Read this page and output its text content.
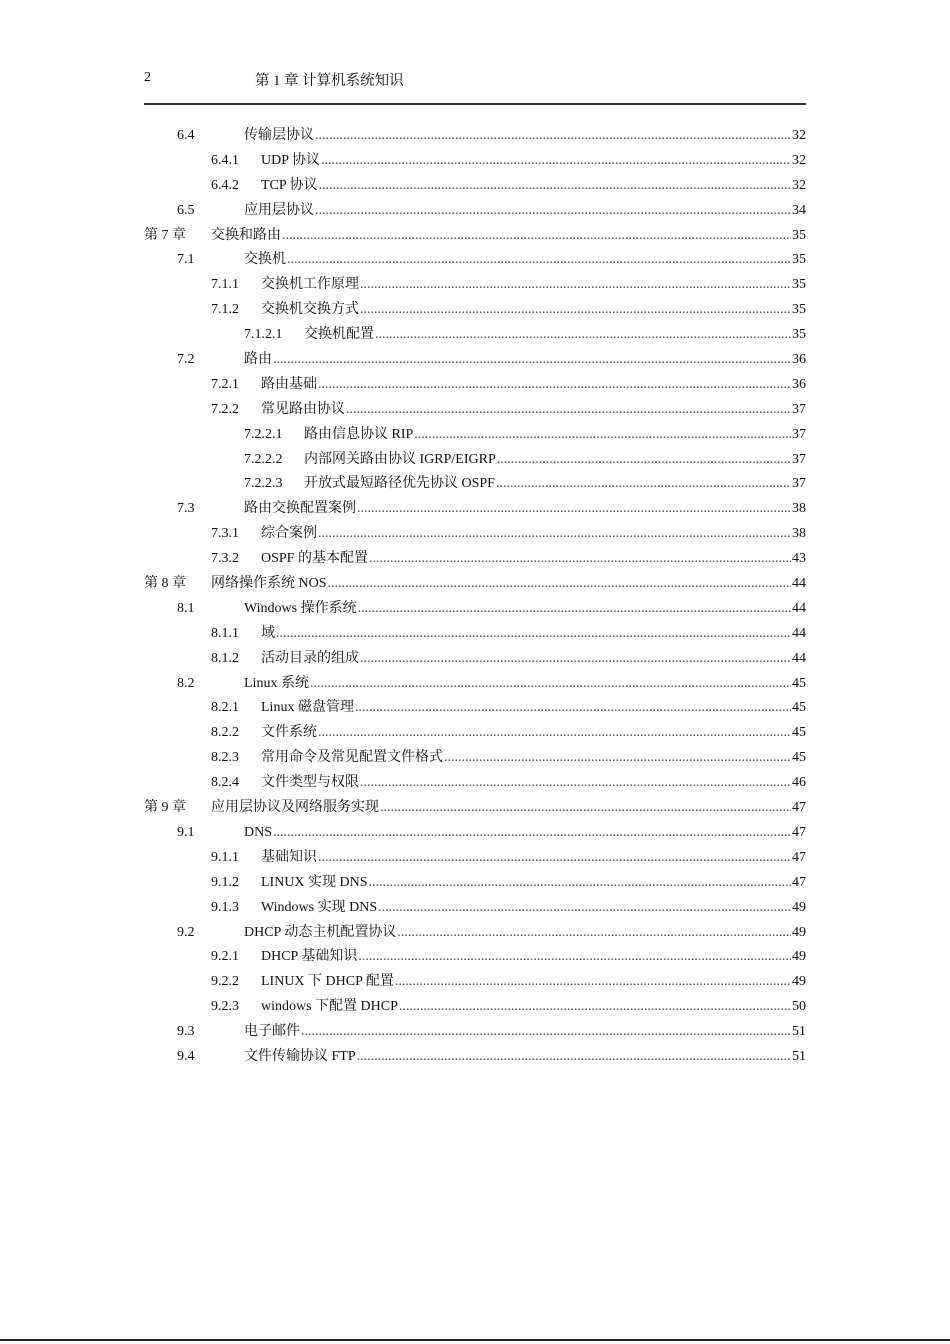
2	第 1 章 计算机系统知识
6.4	传输层协议 .....	32
6.4.1 UDP 协议 .....	32
6.4.2 TCP 协议 .....	32
6.5	应用层协议 .....	34
第 7 章 交换和路由 .....	35
7.1	交换机 .....	35
7.1.1 交换机工作原理 .....	35
7.1.2 交换机交换方式 .....	35
7.1.2.1 交换机配置 .....	35
7.2	路由 .....	36
7.2.1 路由基础 .....	36
7.2.2 常见路由协议 .....	37
7.2.2.1 路由信息协议 RIP .....	37
7.2.2.2 内部网关路由协议 IGRP/EIGRP .....	37
7.2.2.3 开放式最短路径优先协议 OSPF .....	37
7.3	路由交换配置案例 .....	38
7.3.1 综合案例 .....	38
7.3.2 OSPF 的基本配置 .....	43
第 8 章 网络操作系统 NOS .....	44
8.1	Windows 操作系统 .....	44
8.1.1 域 .....	44
8.1.2 活动目录的组成 .....	44
8.2	Linux 系统 .....	45
8.2.1 Linux 磁盘管理 .....	45
8.2.2 文件系统 .....	45
8.2.3 常用命令及常见配置文件格式 .....	45
8.2.4 文件类型与权限 .....	46
第 9 章 应用层协议及网络服务实现 .....	47
9.1	DNS .....	47
9.1.1 基础知识 .....	47
9.1.2 LINUX 实现 DNS .....	47
9.1.3 Windows 实现 DNS .....	49
9.2	DHCP 动态主机配置协议 .....	49
9.2.1 DHCP 基础知识 .....	49
9.2.2 LINUX 下 DHCP 配置 .....	49
9.2.3 windows 下配置 DHCP .....	50
9.3	电子邮件 .....	51
9.4	文件传输协议 FTP .....	51
